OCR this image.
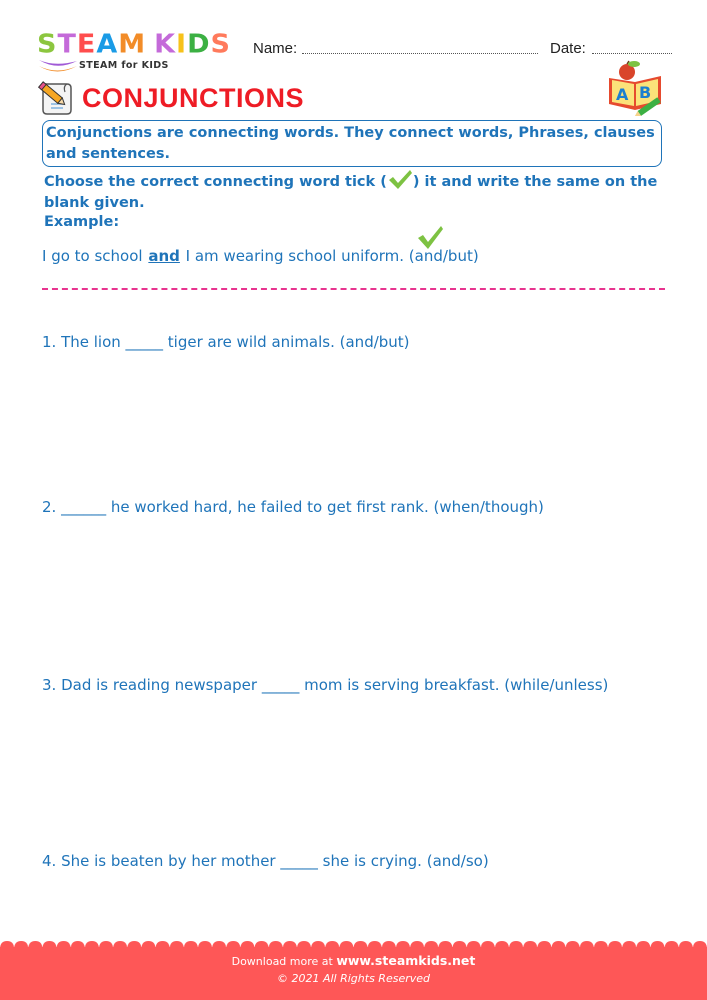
STEAM KIDS
STEAM for KIDS
Name:	Date:
CONJUNCTIONS	A B
Conjunctions are connecting words. They connect words, Phrases, clauses and sentences.
Choose the correct connecting word tick ( ) it and write the same on the blank given.
Example:
I go to school and I am wearing school uniform. (and/but)
1. The lion _____ tiger are wild animals. (and/but)
2. ______ he worked hard, he failed to get first rank. (when/though)
3. Dad is reading newspaper _____ mom is serving breakfast. (while/unless)
4. She is beaten by her mother _____ she is crying. (and/so)
Download more at www.steamkids.net
© 2021 All Rights Reserved
